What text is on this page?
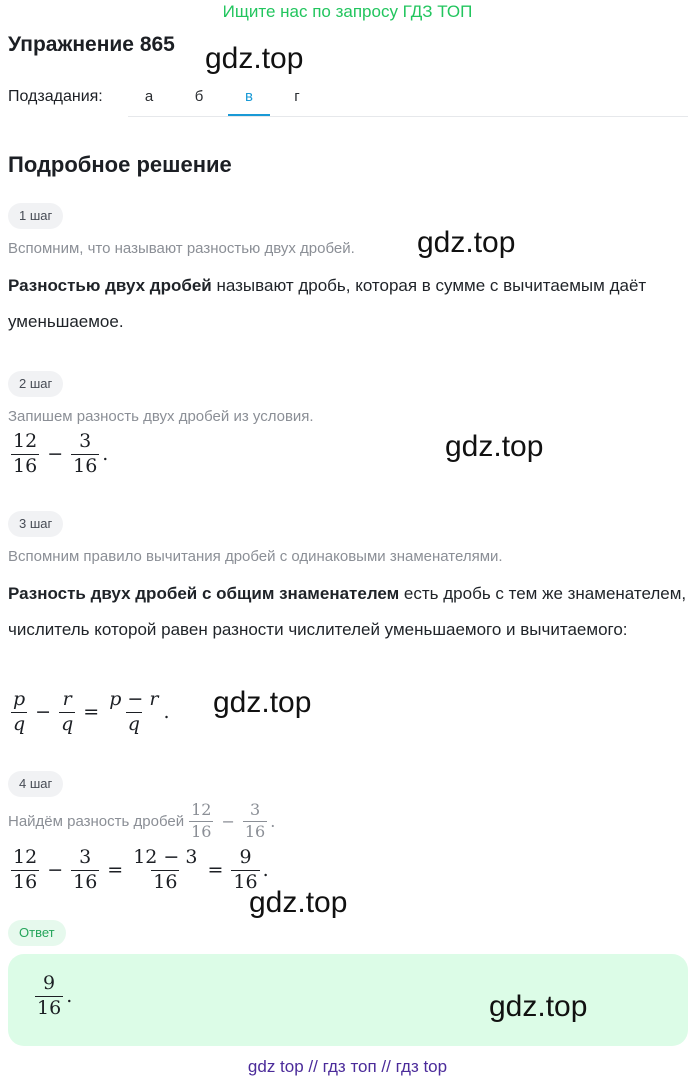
Ищите нас по запросу ГДЗ ТОП
Упражнение 865 gdz.top
Подзадания:	а	б	в	г
Подробное решение
1 шаг
Вспомним, что называют разностью двух дробей. gdz.top
Разностью двух дробей называют дробь, которая в сумме с вычитаемым даёт уменьшаемое.
2 шаг
Запишем разность двух дробей из условия.
$\frac{12}{16} - \frac{3}{16}$ .	gdz.top
3 шаг
Вспомним правило вычитания дробей с одинаковыми знаменателями.
Разность двух дробей с общим знаменателем есть дробь с тем же знаменателем, числитель которой равен разности числителей уменьшаемого и вычитаемого:
$\frac{p}{q} - \frac{r}{q} = \frac{p - r}{q}$ . gdz.top
4 шаг
Найдём разность дробей $\frac{12}{16} - \frac{3}{16}$ .
$\frac{12}{16} - \frac{3}{16} = \frac{12 - 3}{16} = \frac{9}{16}$ .
gdz.top
Ответ
$\frac{9}{16}$ .	gdz.top
gdz top // гдз топ // гдз top
